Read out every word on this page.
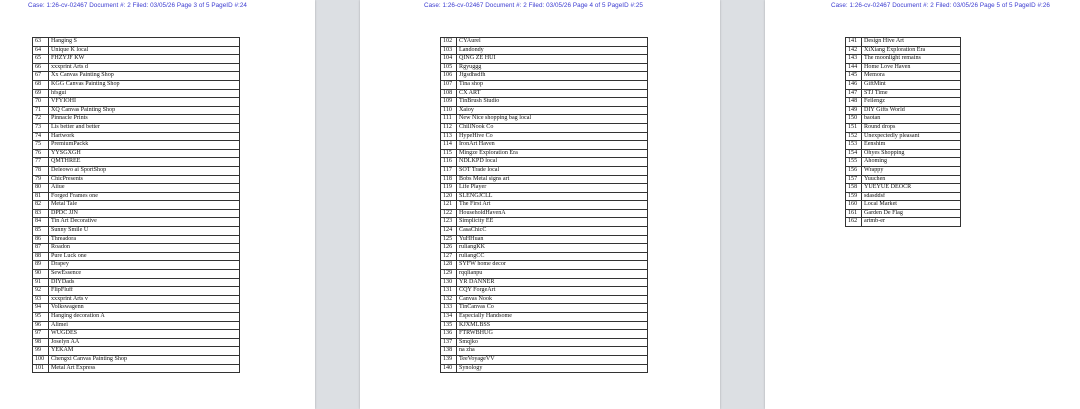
Case: 1:26-cv-02467 Document #: 2 Filed: 03/05/26 Page 3 of 5 PageID #:24
63	Hanging S
64	Unique K local
65	FHZYJF KW
66	xxxprint Arts d
67	Xx Canvas Painting Shop
68	KGG Canvas Painting Shop
69	hfsgui
70	VFYIOHI
71	XQ Canvas Painting Shop
72	Pinnacle Prints
73	Lis better and better
74	Hartwork
75	PremiumPackk
76	YYSGXGH
77	QMTHREE
78	Deleowo ai SportShop
79	ChicPresents
80	Aiiue
81	Forged Frames one
82	Metal Tale
83	DPDC JJN
84	Tin Art Decorative
85	Sunny Smile U
86	Threadora
87	Roadon
88	Pure Luck one
89	Drapey
90	SewEssence
91	DIYDads
92	FlipFluff
93	xxxprint Arts v
94	Volkswagenn
95	Hanging decoration A
96	Alimei
97	WUGDES
98	Joselyn AA
99	YEKAM
100	Chengxi Canvas Painting Shop
101	Metal Art Express
Case: 1:26-cv-02467 Document #: 2 Filed: 03/05/26 Page 4 of 5 PageID #:25
102	CYAurel
103	Landondy
104	QING ZE HUI
105	Rgyuggg
106	Jfgsdhsdfh
107	Tina shop
108	CX ART
109	TinBrush Studio
110	Xaioy
111	New Nice shopping bag local
112	ChillNook Co
113	HypeHive Co
114	IronArt Haven
115	Mingze Exploration Era
116	NDLKPD local
117	SOT Trade local
118	Bobs Metal signs art
119	Life Player
120	SLENGJCLL
121	The First Art
122	HouseholdHavenA
123	Simplicity EE
124	CasaChicC
125	YuHHuan
126	ruliangKK
127	ruliangCC
128	SYFW home decor
129	rqqlianpu
130	YR DANNER
131	CQY ForgeArt
132	Canvas Nook
133	TinCanvas Co
134	Especially Handsome
135	KJXMLBSS
136	FTRWBHUG
137	Smqjko
138	na zha
139	TeeVoyageVV
140	Synology
Case: 1:26-cv-02467 Document #: 2 Filed: 03/05/26 Page 5 of 5 PageID #:26
141	Design Hive Art
142	XiXiang Exploration Era
143	The moonlight remains
144	Home Love Haven
145	Memora
146	GiftMint
147	STJ Time
148	Feilengz
149	DIY Gifts World
150	baotan
151	Round drops
152	Unexpectedly pleasant
153	Eenshim
154	Ohyes Shopping
155	Ahoming
156	Wrappy
157	Yuuchen
158	YUEYUE DEOCR
159	sdasddsf
160	Local Market
161	Garden De Flag
162	artmb-er
